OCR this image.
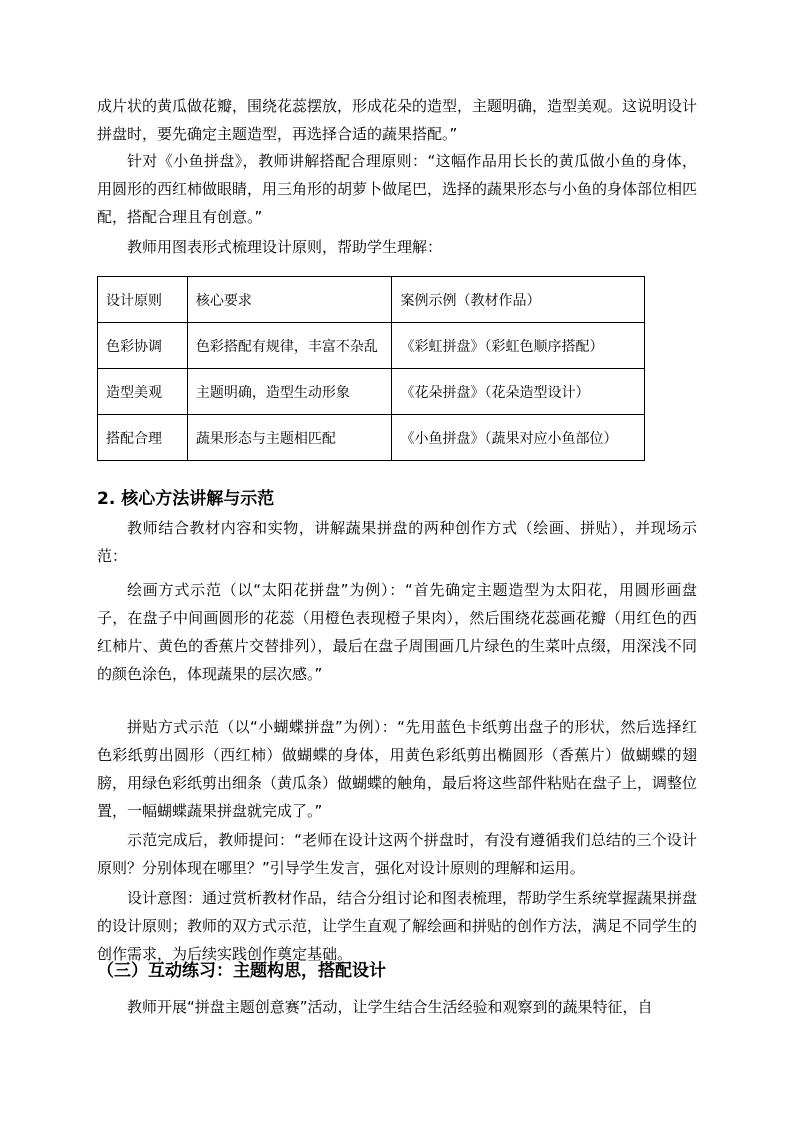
成片状的黄瓜做花瓣，围绕花蕊摆放，形成花朵的造型，主题明确，造型美观。这说明设计拼盘时，要先确定主题造型，再选择合适的蔬果搭配。”

针对《小鱼拼盘》，教师讲解搭配合理原则：“这幅作品用长长的黄瓜做小鱼的身体，用圆形的西红柿做眼睛，用三角形的胡萝卜做尾巴，选择的蔬果形态与小鱼的身体部位相匹配，搭配合理且有创意。”

教师用图表形式梳理设计原则，帮助学生理解：

设计原则	核心要求	案例示例（教材作品）
色彩协调	色彩搭配有规律，丰富不杂乱	《彩虹拼盘》（彩虹色顺序搭配）
造型美观	主题明确，造型生动形象	《花朵拼盘》（花朵造型设计）
搭配合理	蔬果形态与主题相匹配	《小鱼拼盘》（蔬果对应小鱼部位）
2. 核心方法讲解与示范

教师结合教材内容和实物，讲解蔬果拼盘的两种创作方式（绘画、拼贴），并现场示范：

绘画方式示范（以“太阳花拼盘”为例）：“首先确定主题造型为太阳花，用圆形画盘子，在盘子中间画圆形的花蕊（用橙色表现橙子果肉），然后围绕花蕊画花瓣（用红色的西红柿片、黄色的香蕉片交替排列），最后在盘子周围画几片绿色的生菜叶点缀，用深浅不同的颜色涂色，体现蔬果的层次感。”

拼贴方式示范（以“小蝴蝶拼盘”为例）：“先用蓝色卡纸剪出盘子的形状，然后选择红色彩纸剪出圆形（西红柿）做蝴蝶的身体，用黄色彩纸剪出椭圆形（香蕉片）做蝴蝶的翅膀，用绿色彩纸剪出细条（黄瓜条）做蝴蝶的触角，最后将这些部件粘贴在盘子上，调整位置，一幅蝴蝶蔬果拼盘就完成了。”

示范完成后，教师提问：“老师在设计这两个拼盘时，有没有遵循我们总结的三个设计原则？分别体现在哪里？”引导学生发言，强化对设计原则的理解和运用。

设计意图：通过赏析教材作品，结合分组讨论和图表梳理，帮助学生系统掌握蔬果拼盘的设计原则；教师的双方式示范，让学生直观了解绘画和拼贴的创作方法，满足不同学生的创作需求，为后续实践创作奠定基础。

（三）互动练习：主题构思，搭配设计

教师开展“拼盘主题创意赛”活动，让学生结合生活经验和观察到的蔬果特征，自
